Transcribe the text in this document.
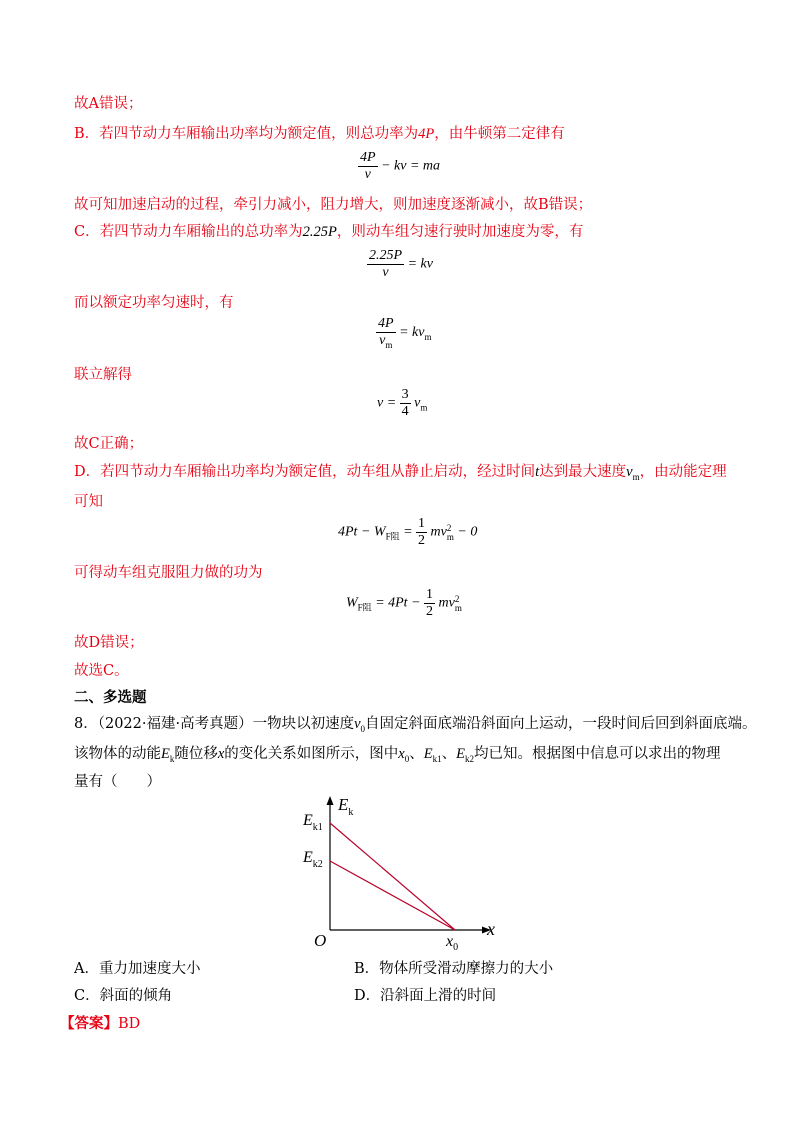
故A错误；
B．若四节动力车厢输出功率均为额定值，则总功率为4P，由牛顿第二定律有
$\frac{4P}{v}$ − kv = ma
故可知加速启动的过程，牵引力减小，阻力增大，则加速度逐渐减小，故B错误；
C．若四节动力车厢输出的总功率为2.25P，则动车组匀速行驶时加速度为零，有
$\frac{2.25P}{v}$ = kv
而以额定功率匀速时，有
$\frac{4P}{v_m} = kv_m$
联立解得
$v = \frac{3}{4} v_m$
故C正确；
D．若四节动力车厢输出功率均为额定值，动车组从静止启动，经过时间t达到最大速度$v_m$，由动能定理
可知
$4Pt - W_{F阻} = \frac{1}{2}$ mv 2
m − 0
可得动车组克服阻力做的功为
$W_{F阻} = 4Pt - \frac{1}{2}$ mv 2
m
故D错误；
故选C。
二、多选题
8．（2022·福建·高考真题）一物块以初速度$v_0$自固定斜面底端沿斜面向上运动，一段时间后回到斜面底端。
该物体的动能$E_k$随位移x的变化关系如图所示，图中$x_0$、$E_{k1}$、$E_{k2}$均已知。根据图中信息可以求出的物理
量有（　　）
$E_k$
$E_{k1}$
$E_{k2}$
O
x
$x_0$
A．重力加速度大小	B．物体所受滑动摩擦力的大小
C．斜面的倾角	D．沿斜面上滑的时间
【答案】BD
